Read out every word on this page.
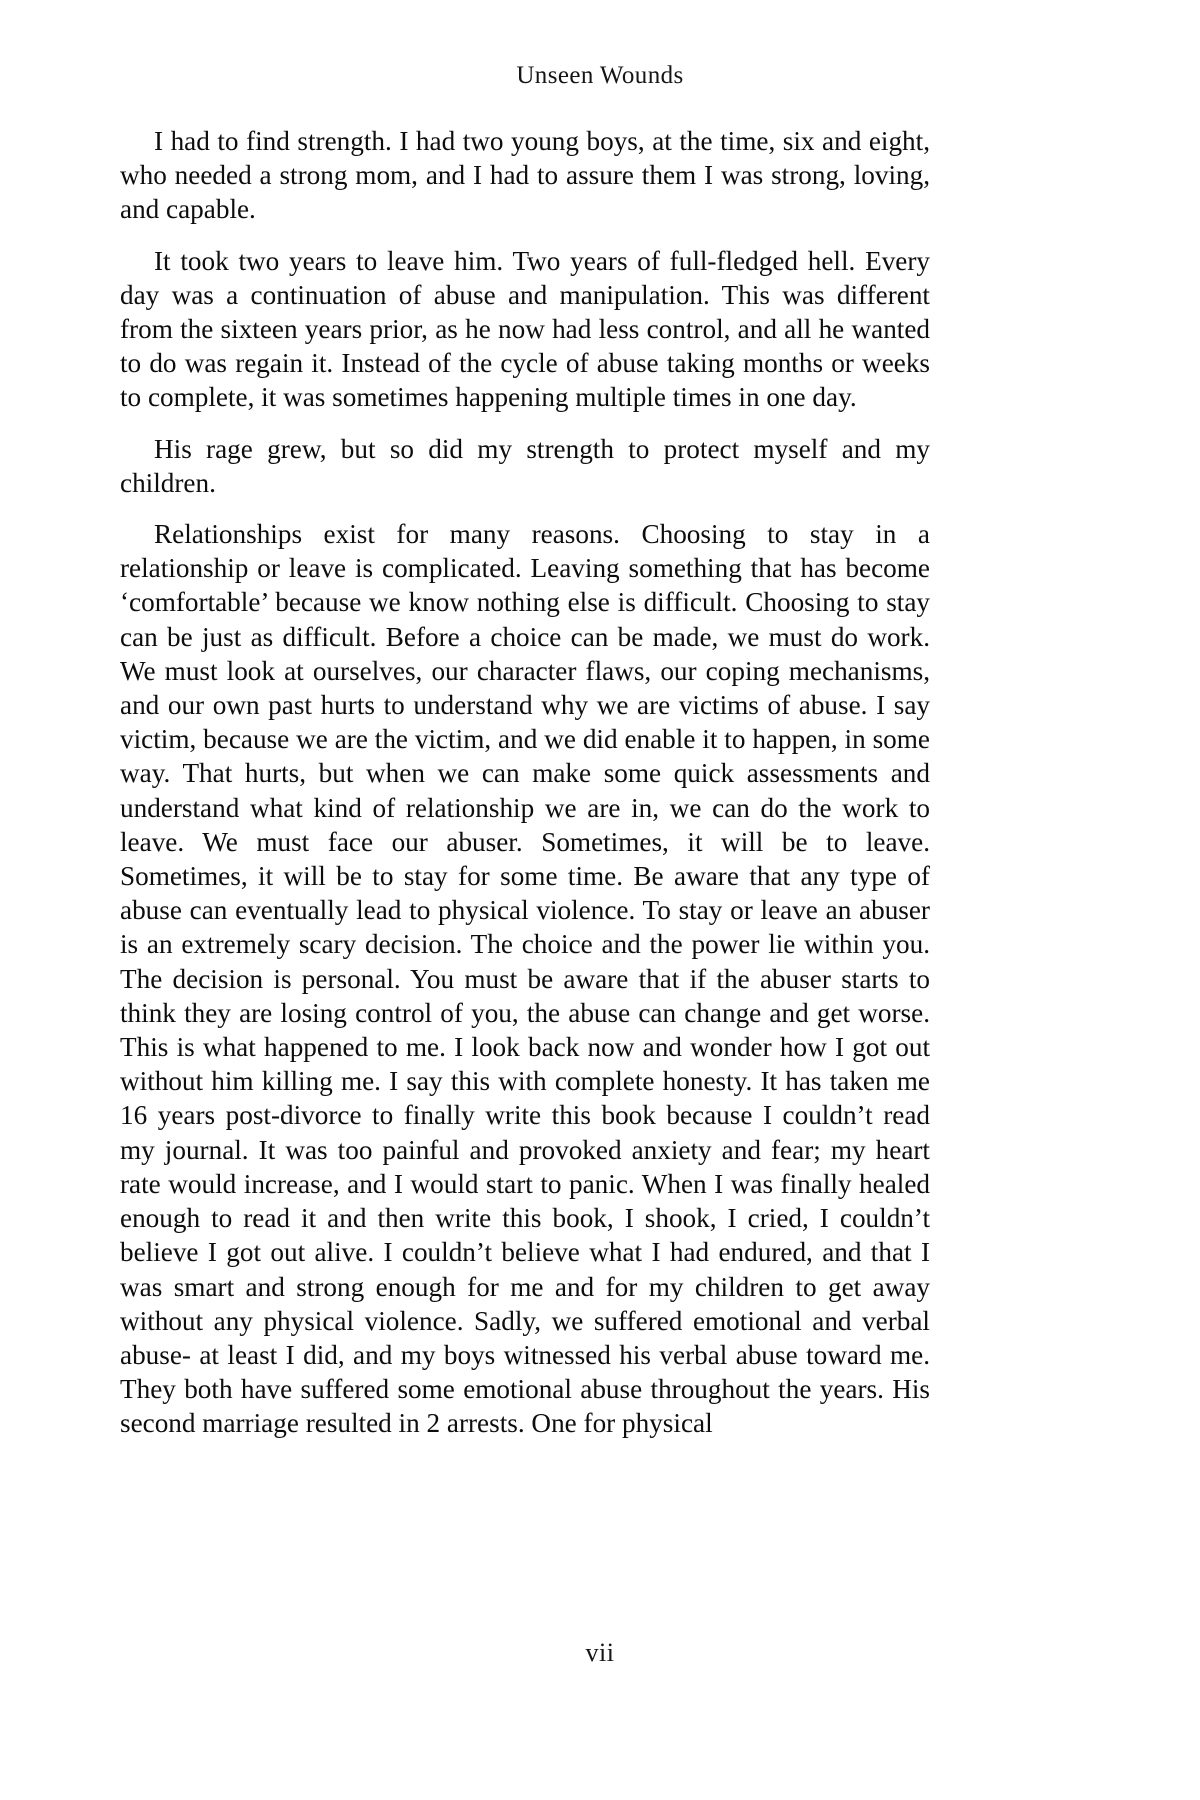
Unseen Wounds

I had to find strength. I had two young boys, at the time, six and eight, who needed a strong mom, and I had to assure them I was strong, loving, and capable.

It took two years to leave him. Two years of full-fledged hell. Every day was a continuation of abuse and manipulation. This was different from the sixteen years prior, as he now had less control, and all he wanted to do was regain it. Instead of the cycle of abuse taking months or weeks to complete, it was sometimes happening multiple times in one day.

His rage grew, but so did my strength to protect myself and my children.

Relationships exist for many reasons. Choosing to stay in a relationship or leave is complicated. Leaving something that has become ‘comfortable’ because we know nothing else is difficult. Choosing to stay can be just as difficult. Before a choice can be made, we must do work. We must look at ourselves, our character flaws, our coping mechanisms, and our own past hurts to understand why we are victims of abuse. I say victim, because we are the victim, and we did enable it to happen, in some way. That hurts, but when we can make some quick assessments and understand what kind of relationship we are in, we can do the work to leave. We must face our abuser. Sometimes, it will be to leave. Sometimes, it will be to stay for some time. Be aware that any type of abuse can eventually lead to physical violence. To stay or leave an abuser is an extremely scary decision. The choice and the power lie within you. The decision is personal. You must be aware that if the abuser starts to think they are losing control of you, the abuse can change and get worse. This is what happened to me. I look back now and wonder how I got out without him killing me. I say this with complete honesty. It has taken me 16 years post-divorce to finally write this book because I couldn’t read my journal. It was too painful and provoked anxiety and fear; my heart rate would increase, and I would start to panic. When I was finally healed enough to read it and then write this book, I shook, I cried, I couldn’t believe I got out alive. I couldn’t believe what I had endured, and that I was smart and strong enough for me and for my children to get away without any physical violence. Sadly, we suffered emotional and verbal abuse- at least I did, and my boys witnessed his verbal abuse toward me. They both have suffered some emotional abuse throughout the years. His second marriage resulted in 2 arrests. One for physical

vii
